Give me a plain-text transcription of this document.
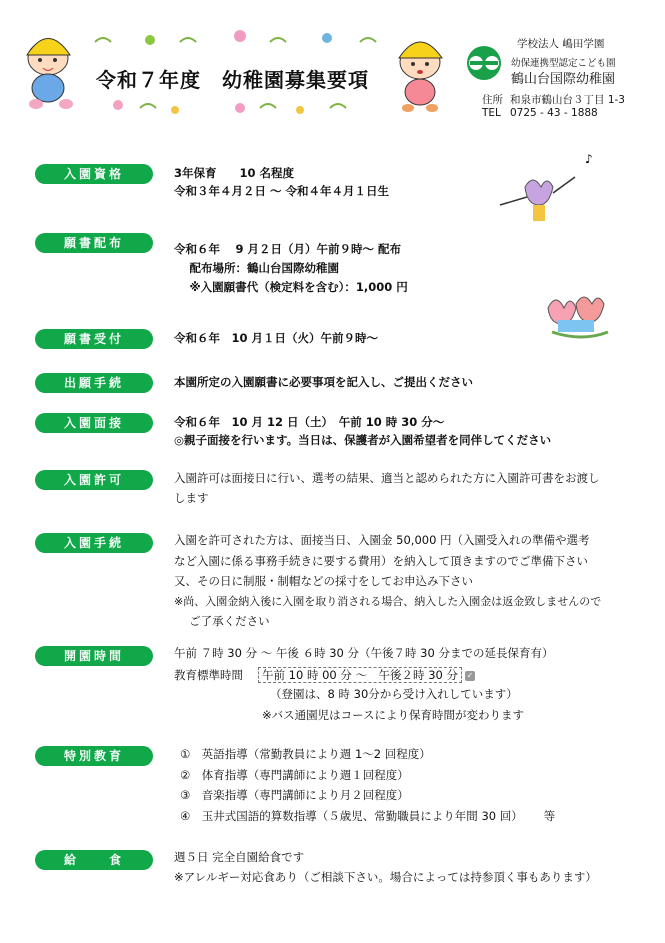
令和７年度　幼稚園募集要項
学校法人 嶋田学園
幼保連携型認定こども園
鶴山台国際幼稚園
住所 和泉市鶴山台３丁目 1-3
TEL 0725 - 43 - 1888
♪
入園資格	3年保育　　10 名程度
令和３年４月２日 ～ 令和４年４月１日生
願書配布	令和６年　 9 月２日（月）午前９時～ 配布
　 配布場所：鶴山台国際幼稚園
　 ※入園願書代（検定料を含む）：1,000 円
願書受付	令和６年　10 月１日（火）午前９時～
出願手続	本園所定の入園願書に必要事項を記入し、ご提出ください
入園面接	令和６年　10 月 12 日（土）　午前 10 時 30 分～
◎親子面接を行います。当日は、保護者が入園希望者を同伴してください
入園許可	入園許可は面接日に行い、選考の結果、適当と認められた方に入園許可書をお渡し
します
入園手続	入園を許可された方は、面接当日、入園金 50,000 円（入園受入れの準備や選考
など入園に係る事務手続きに要する費用）を納入して頂きますのでご準備下さい
又、その日に制服・制帽などの採寸をしてお申込み下さい
※尚、入園金納入後に入園を取り消される場合、納入した入園金は返金致しませんので
　 ご了承ください
開園時間	午前 ７時 30 分 ～ 午後 ６時 30 分（午後７時 30 分までの延長保育有）
教育標準時間	午前 10 時 00 分 ～　午後２時 30 分 ✓
（登園は、8 時 30分から受け入れしています）
※バス通園児はコースにより保育時間が変わります
特別教育	①　英語指導（常勤教員により週 1～2 回程度）
②　体育指導（専門講師により週１回程度）
③　音楽指導（専門講師により月２回程度）
④　玉井式国語的算数指導（５歳児、常勤職員により年間 30 回）　　 等
給　　食	週５日 完全自園給食です
※アレルギー対応食あり（ご相談下さい。場合によっては持参頂く事もあります）
